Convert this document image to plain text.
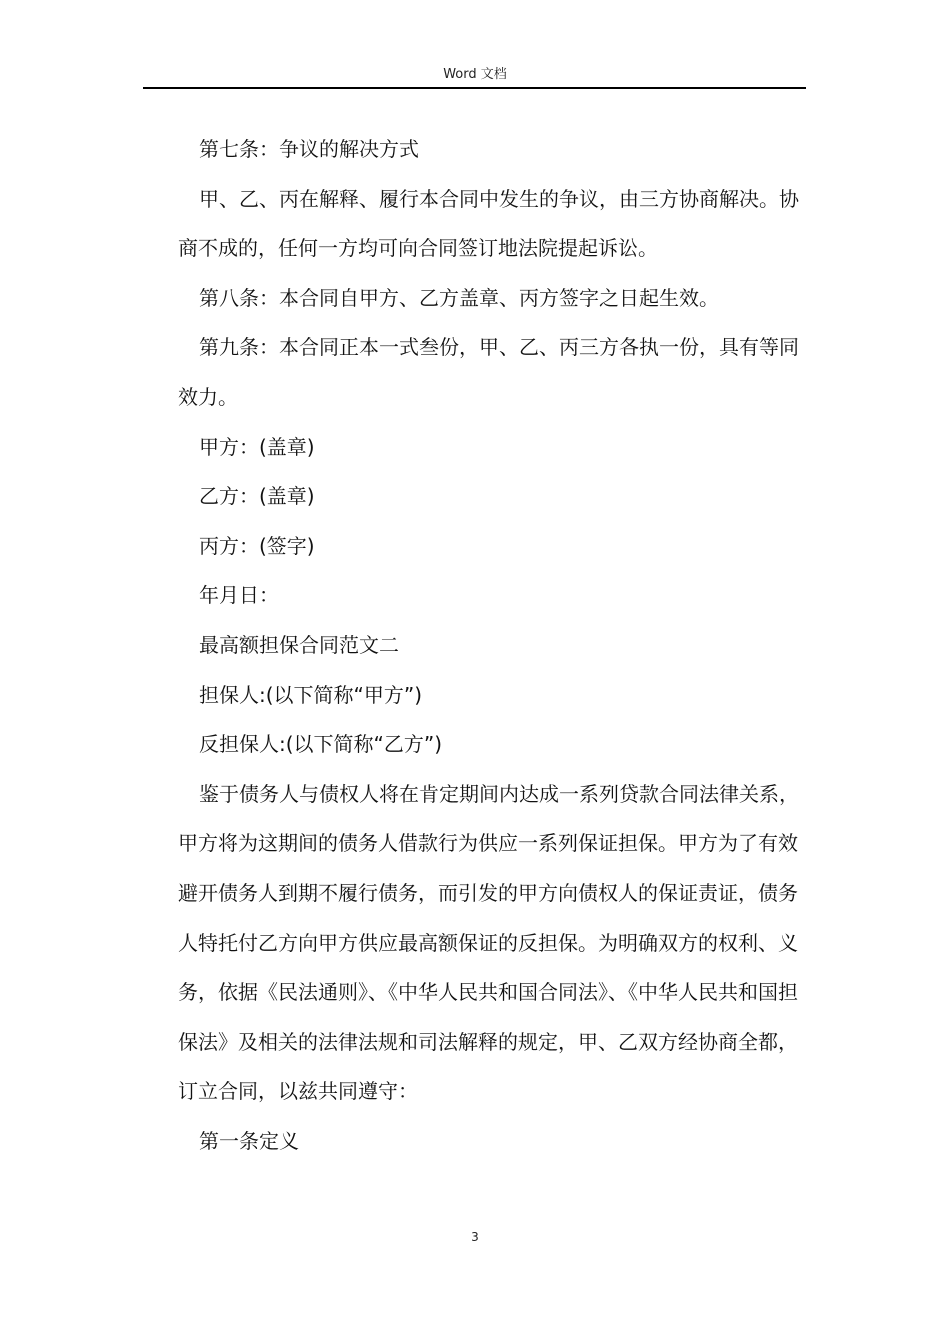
Word 文档

第七条：争议的解决方式

甲、乙、丙在解释、履行本合同中发生的争议，由三方协商解决。协商不成的，任何一方均可向合同签订地法院提起诉讼。

第八条：本合同自甲方、乙方盖章、丙方签字之日起生效。

第九条：本合同正本一式叁份，甲、乙、丙三方各执一份，具有等同效力。

甲方：(盖章)

乙方：(盖章)

丙方：(签字)

年月日：

最高额担保合同范文二

担保人:(以下简称“甲方”)

反担保人:(以下简称“乙方”)

鉴于债务人与债权人将在肯定期间内达成一系列贷款合同法律关系，甲方将为这期间的债务人借款行为供应一系列保证担保。甲方为了有效避开债务人到期不履行债务，而引发的甲方向债权人的保证责证，债务人特托付乙方向甲方供应最高额保证的反担保。为明确双方的权利、义务，依据《民法通则》、《中华人民共和国合同法》、《中华人民共和国担保法》及相关的法律法规和司法解释的规定，甲、乙双方经协商全都，订立合同，以兹共同遵守：

第一条定义

3
